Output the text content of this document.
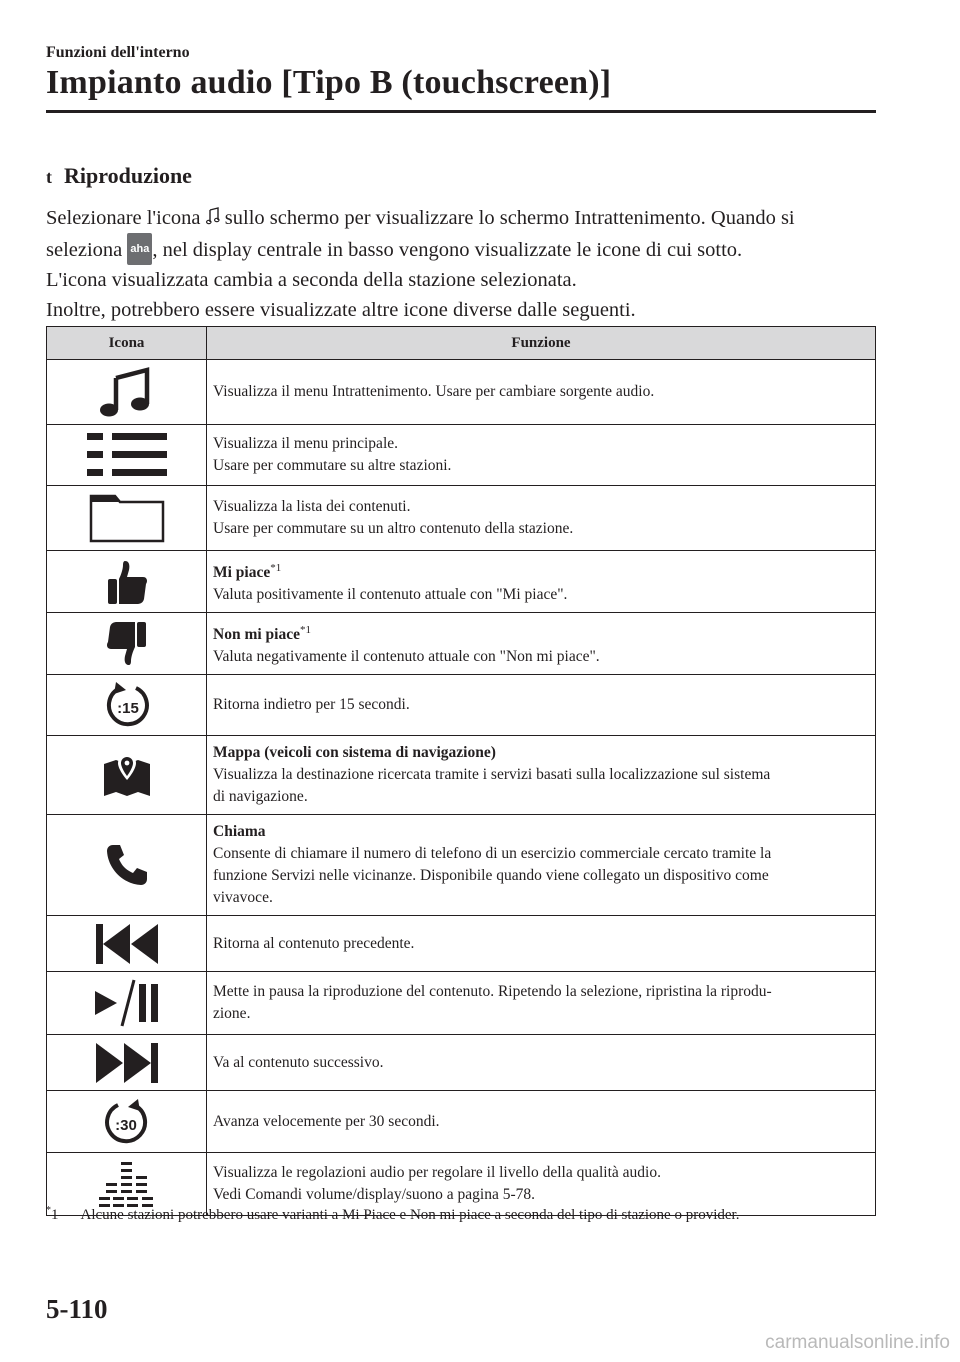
Funzioni dell'interno
Impianto audio [Tipo B (touchscreen)]
t Riproduzione

Selezionare l'icona  sullo schermo per visualizzare lo schermo Intrattenimento. Quando si

seleziona aha , nel display centrale in basso vengono visualizzate le icone di cui sotto.

L'icona visualizzata cambia a seconda della stazione selezionata.

Inoltre, potrebbero essere visualizzate altre icone diverse dalle seguenti.

Icona	Funzione

Visualizza il menu Intrattenimento. Usare per cambiare sorgente audio.

Visualizza il menu principale.
Usare per commutare su altre stazioni.

Visualizza la lista dei contenuti.
Usare per commutare su un altro contenuto della stazione.

Mi piace$^{*1}$
Valuta positivamente il contenuto attuale con "Mi piace".

Non mi piace$^{*1}$
Valuta negativamente il contenuto attuale con "Non mi piace".

:15	Ritorna indietro per 15 secondi.

Mappa (veicoli con sistema di navigazione)
Visualizza la destinazione ricercata tramite i servizi basati sulla localizzazione sul sistema
di navigazione.

Chiama
Consente di chiamare il numero di telefono di un esercizio commerciale cercato tramite la
funzione Servizi nelle vicinanze. Disponibile quando viene collegato un dispositivo come
vivavoce.

Ritorna al contenuto precedente.

Mette in pausa la riproduzione del contenuto. Ripetendo la selezione, ripristina la riprodu-
zione.

Va al contenuto successivo.

:30	Avanza velocemente per 30 secondi.

Visualizza le regolazioni audio per regolare il livello della qualità audio.
Vedi Comandi volume/display/suono a pagina 5-78.
*1 Alcune stazioni potrebbero usare varianti a Mi Piace e Non mi piace a seconda del tipo di stazione o provider.
5-110
carmanualsonline.info
